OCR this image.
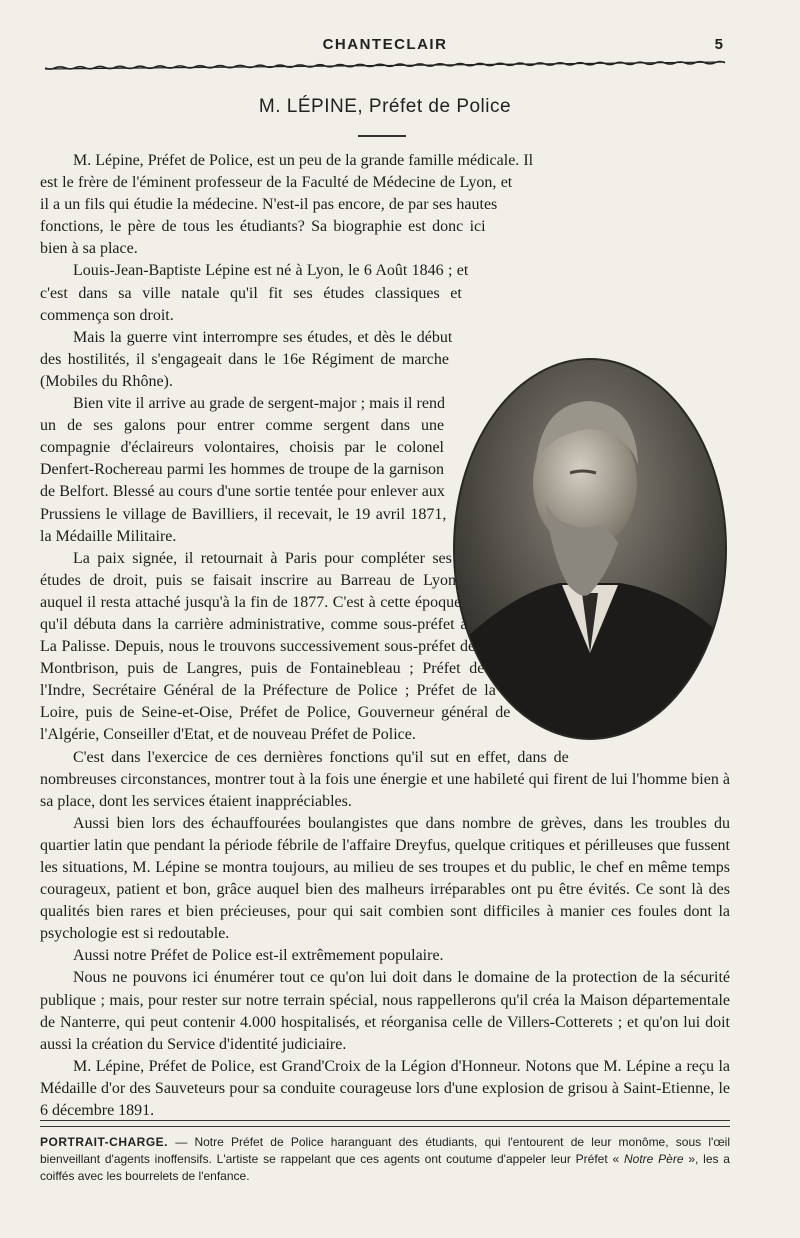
CHANTECLAIR	5
M. LÉPINE, Préfet de Police

M. Lépine, Préfet de Police, est un peu de la grande famille médicale. Il est le frère de l'éminent professeur de la Faculté de Médecine de Lyon, et il a un fils qui étudie la médecine. N'est-il pas encore, de par ses hautes fonctions, le père de tous les étudiants? Sa biographie est donc ici bien à sa place.

Louis-Jean-Baptiste Lépine est né à Lyon, le 6 Août 1846 ; et c'est dans sa ville natale qu'il fit ses études classiques et commença son droit.

Mais la guerre vint interrompre ses études, et dès le début des hostilités, il s'engageait dans le 16e Régiment de marche (Mobiles du Rhône).

Bien vite il arrive au grade de sergent-major ; mais il rend un de ses galons pour entrer comme sergent dans une compagnie d'éclaireurs volontaires, choisis par le colonel Denfert-Rochereau parmi les hommes de troupe de la garnison de Belfort. Blessé au cours d'une sortie tentée pour enlever aux Prussiens le village de Bavilliers, il recevait, le 19 avril 1871, la Médaille Militaire.

La paix signée, il retournait à Paris pour compléter ses études de droit, puis se faisait inscrire au Barreau de Lyon auquel il resta attaché jusqu'à la fin de 1877. C'est à cette époque qu'il débuta dans la carrière administrative, comme sous-préfet à La Palisse. Depuis, nous le trouvons successivement sous-préfet de Montbrison, puis de Langres, puis de Fontainebleau ; Préfet de l'Indre, Secrétaire Général de la Préfecture de Police ; Préfet de la Loire, puis de Seine-et-Oise, Préfet de Police, Gouverneur général de l'Algérie, Conseiller d'Etat, et de nouveau Préfet de Police.

C'est dans l'exercice de ces dernières fonctions qu'il sut en effet, dans de nombreuses circonstances, montrer tout à la fois une énergie et une habileté qui firent de lui l'homme bien à sa place, dont les services étaient inappréciables.

Aussi bien lors des échauffourées boulangistes que dans nombre de grèves, dans les troubles du quartier latin que pendant la période fébrile de l'affaire Dreyfus, quelque critiques et périlleuses que fussent les situations, M. Lépine se montra toujours, au milieu de ses troupes et du public, le chef en même temps courageux, patient et bon, grâce auquel bien des malheurs irréparables ont pu être évités. Ce sont là des qualités bien rares et bien précieuses, pour qui sait combien sont difficiles à manier ces foules dont la psychologie est si redoutable.

Aussi notre Préfet de Police est-il extrêmement populaire.

Nous ne pouvons ici énumérer tout ce qu'on lui doit dans le domaine de la protection de la sécurité publique ; mais, pour rester sur notre terrain spécial, nous rappellerons qu'il créa la Maison départementale de Nanterre, qui peut contenir 4.000 hospitalisés, et réorganisa celle de Villers-Cotterets ; et qu'on lui doit aussi la création du Service d'identité judiciaire.

M. Lépine, Préfet de Police, est Grand'Croix de la Légion d'Honneur. Notons que M. Lépine a reçu la Médaille d'or des Sauveteurs pour sa conduite courageuse lors d'une explosion de grisou à Saint-Etienne, le 6 décembre 1891.

PORTRAIT-CHARGE. — Notre Préfet de Police haranguant des étudiants, qui l'entourent de leur monôme, sous l'œil bienveillant d'agents inoffensifs. L'artiste se rappelant que ces agents ont coutume d'appeler leur Préfet « Notre Père », les a coiffés avec les bourrelets de l'enfance.
